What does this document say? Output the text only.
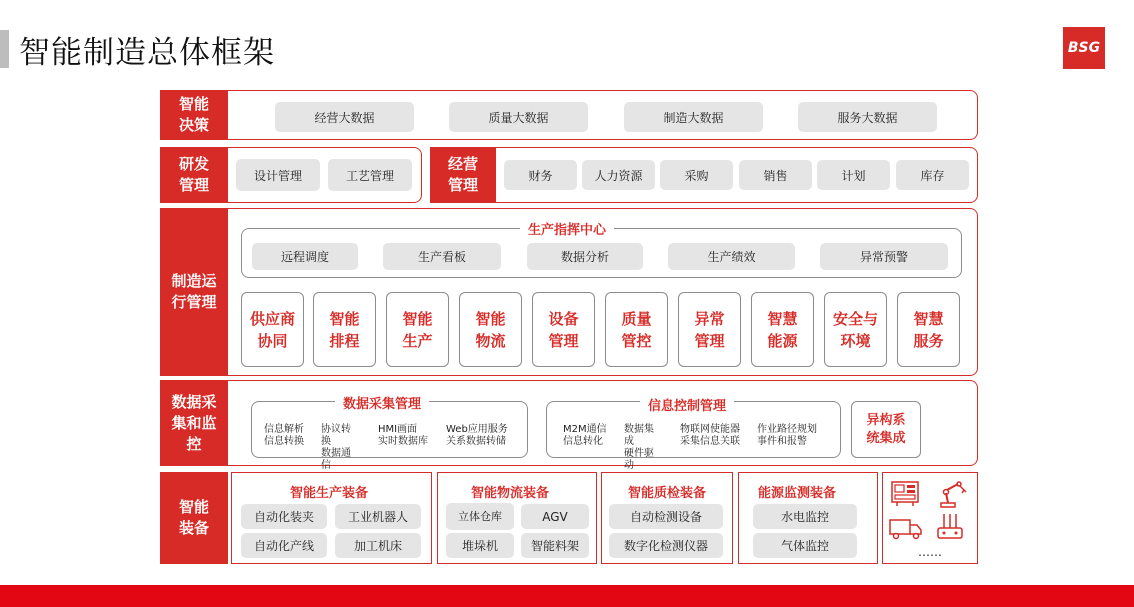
智能制造总体框架	BSG
智能
决策	经营大数据	质量大数据	制造大数据	服务大数据
研发
管理
设计管理	工艺管理
经营
管理
财务	人力资源	采购	销售	计划	库存
制造运
行管理
生产指挥中心
远程调度	生产看板	数据分析	生产绩效	异常预警
供应商
协同
智能
排程
智能
生产
智能
物流
设备
管理
质量
管控
异常
管理
智慧
能源
安全与
环境
智慧
服务
数据采
集和监
控
数据采集管理
信息解析
信息转换
协议转
换
数据通
信
HMI画面
实时数据库
Web应用服务
关系数据转储
信息控制管理
M2M通信
信息转化
数据集
成
硬件驱
动
物联网使能器
采集信息关联
作业路径规划
事件和报警
异构系
统集成
智能
装备
智能生产装备
自动化装夹	工业机器人
自动化产线	加工机床
智能物流装备
立体仓库	AGV
堆垛机	智能料架
智能质检装备
自动检测设备
数字化检测仪器
能源监测装备
水电监控
气体监控	……
